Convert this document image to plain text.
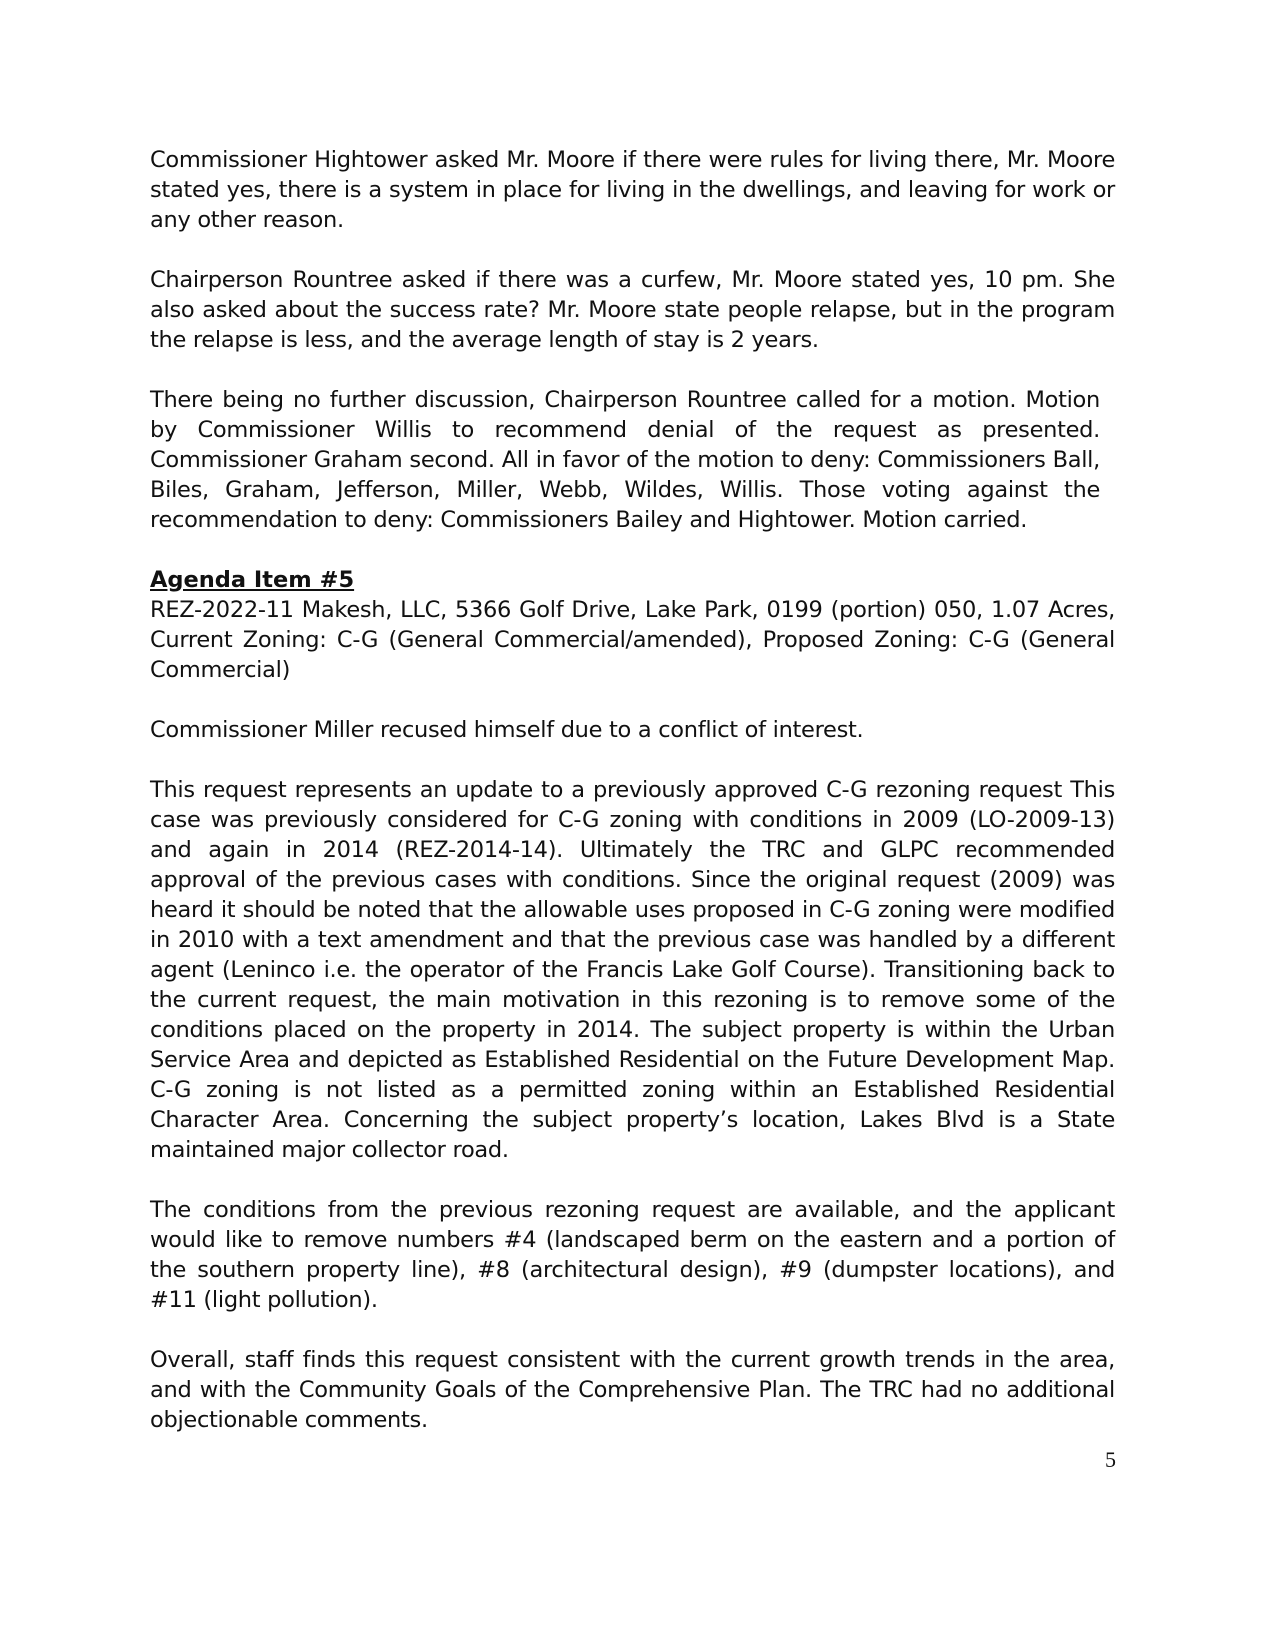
Commissioner Hightower asked Mr. Moore if there were rules for living there, Mr. Moore stated yes, there is a system in place for living in the dwellings, and leaving for work or any other reason.

Chairperson Rountree asked if there was a curfew, Mr. Moore stated yes, 10 pm. She also asked about the success rate? Mr. Moore state people relapse, but in the program the relapse is less, and the average length of stay is 2 years.

There being no further discussion, Chairperson Rountree called for a motion. Motion by Commissioner Willis to recommend denial of the request as presented. Commissioner Graham second. All in favor of the motion to deny: Commissioners Ball, Biles, Graham, Jefferson, Miller, Webb, Wildes, Willis. Those voting against the recommendation to deny: Commissioners Bailey and Hightower. Motion carried.

Agenda Item #5

REZ-2022-11 Makesh, LLC, 5366 Golf Drive, Lake Park, 0199 (portion) 050, 1.07 Acres, Current Zoning: C-G (General Commercial/amended), Proposed Zoning: C-G (General Commercial)

Commissioner Miller recused himself due to a conflict of interest.

This request represents an update to a previously approved C-G rezoning request This case was previously considered for C-G zoning with conditions in 2009 (LO-2009-13) and again in 2014 (REZ-2014-14). Ultimately the TRC and GLPC recommended approval of the previous cases with conditions. Since the original request (2009) was heard it should be noted that the allowable uses proposed in C-G zoning were modified in 2010 with a text amendment and that the previous case was handled by a different agent (Leninco i.e. the operator of the Francis Lake Golf Course). Transitioning back to the current request, the main motivation in this rezoning is to remove some of the conditions placed on the property in 2014. The subject property is within the Urban Service Area and depicted as Established Residential on the Future Development Map. C-G zoning is not listed as a permitted zoning within an Established Residential Character Area. Concerning the subject property’s location, Lakes Blvd is a State maintained major collector road.

The conditions from the previous rezoning request are available, and the applicant would like to remove numbers #4 (landscaped berm on the eastern and a portion of the southern property line), #8 (architectural design), #9 (dumpster locations), and #11 (light pollution).

Overall, staff finds this request consistent with the current growth trends in the area, and with the Community Goals of the Comprehensive Plan. The TRC had no additional objectionable comments.

5
